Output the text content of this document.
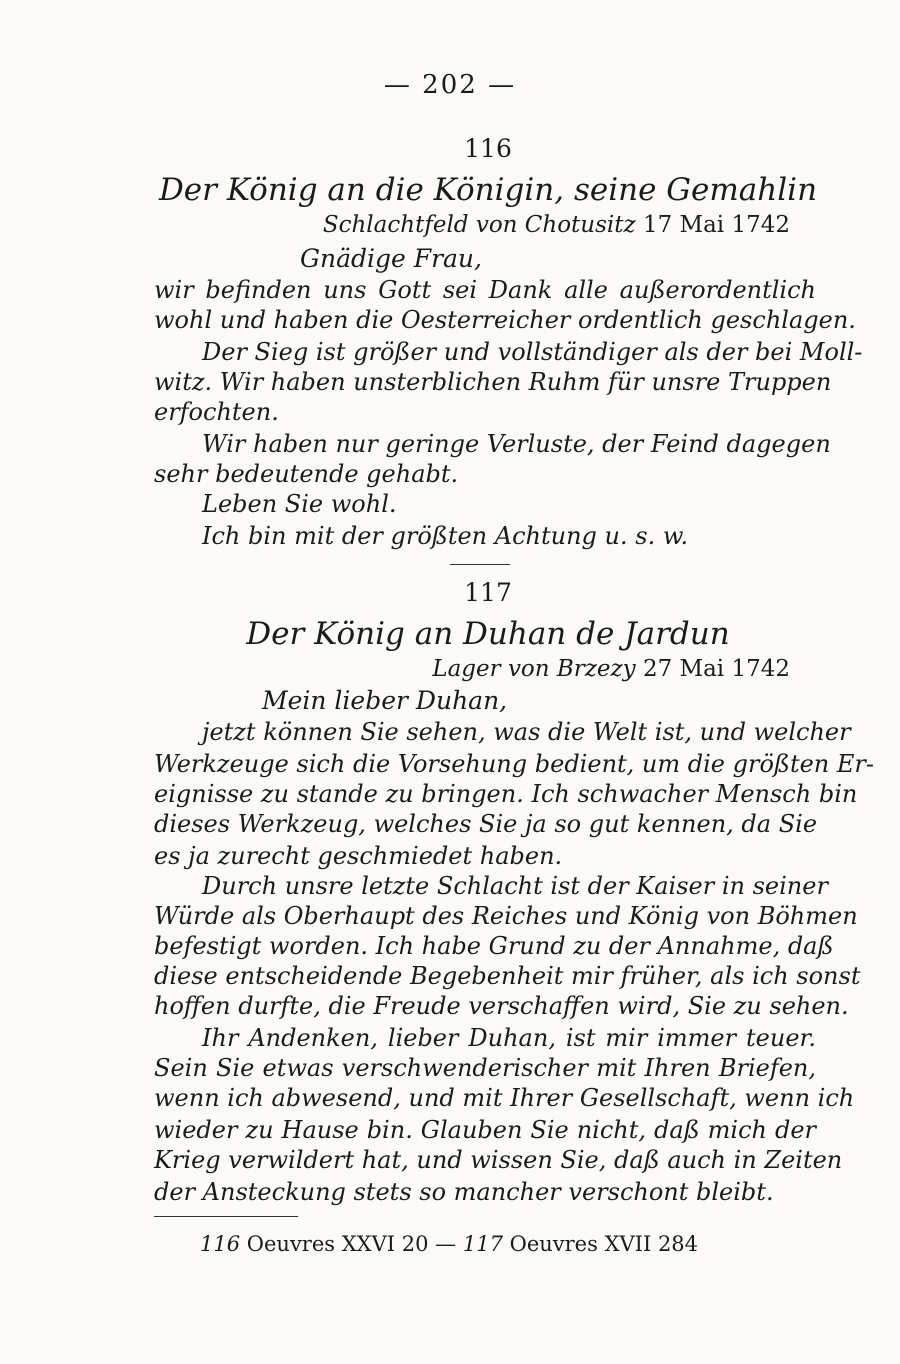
— 202 —
116
Der König an die Königin, seine Gemahlin
Schlachtfeld von Chotusitz 17 Mai 1742
Gnädige Frau,
wir befinden uns Gott sei Dank alle außerordentlich
wohl und haben die Oesterreicher ordentlich geschlagen.
Der Sieg ist größer und vollständiger als der bei Moll-
witz. Wir haben unsterblichen Ruhm für unsre Truppen
erfochten.
Wir haben nur geringe Verluste, der Feind dagegen
sehr bedeutende gehabt.
Leben Sie wohl.
Ich bin mit der größten Achtung u. s. w.
117
Der König an Duhan de Jardun
Lager von Brzezy 27 Mai 1742
Mein lieber Duhan,
jetzt können Sie sehen, was die Welt ist, und welcher
Werkzeuge sich die Vorsehung bedient, um die größten Er-
eignisse zu stande zu bringen. Ich schwacher Mensch bin
dieses Werkzeug, welches Sie ja so gut kennen, da Sie
es ja zurecht geschmiedet haben.
Durch unsre letzte Schlacht ist der Kaiser in seiner
Würde als Oberhaupt des Reiches und König von Böhmen
befestigt worden. Ich habe Grund zu der Annahme, daß
diese entscheidende Begebenheit mir früher, als ich sonst
hoffen durfte, die Freude verschaffen wird, Sie zu sehen.
Ihr Andenken, lieber Duhan, ist mir immer teuer.
Sein Sie etwas verschwenderischer mit Ihren Briefen,
wenn ich abwesend, und mit Ihrer Gesellschaft, wenn ich
wieder zu Hause bin. Glauben Sie nicht, daß mich der
Krieg verwildert hat, und wissen Sie, daß auch in Zeiten
der Ansteckung stets so mancher verschont bleibt.
116 Oeuvres XXVI 20 — 117 Oeuvres XVII 284
